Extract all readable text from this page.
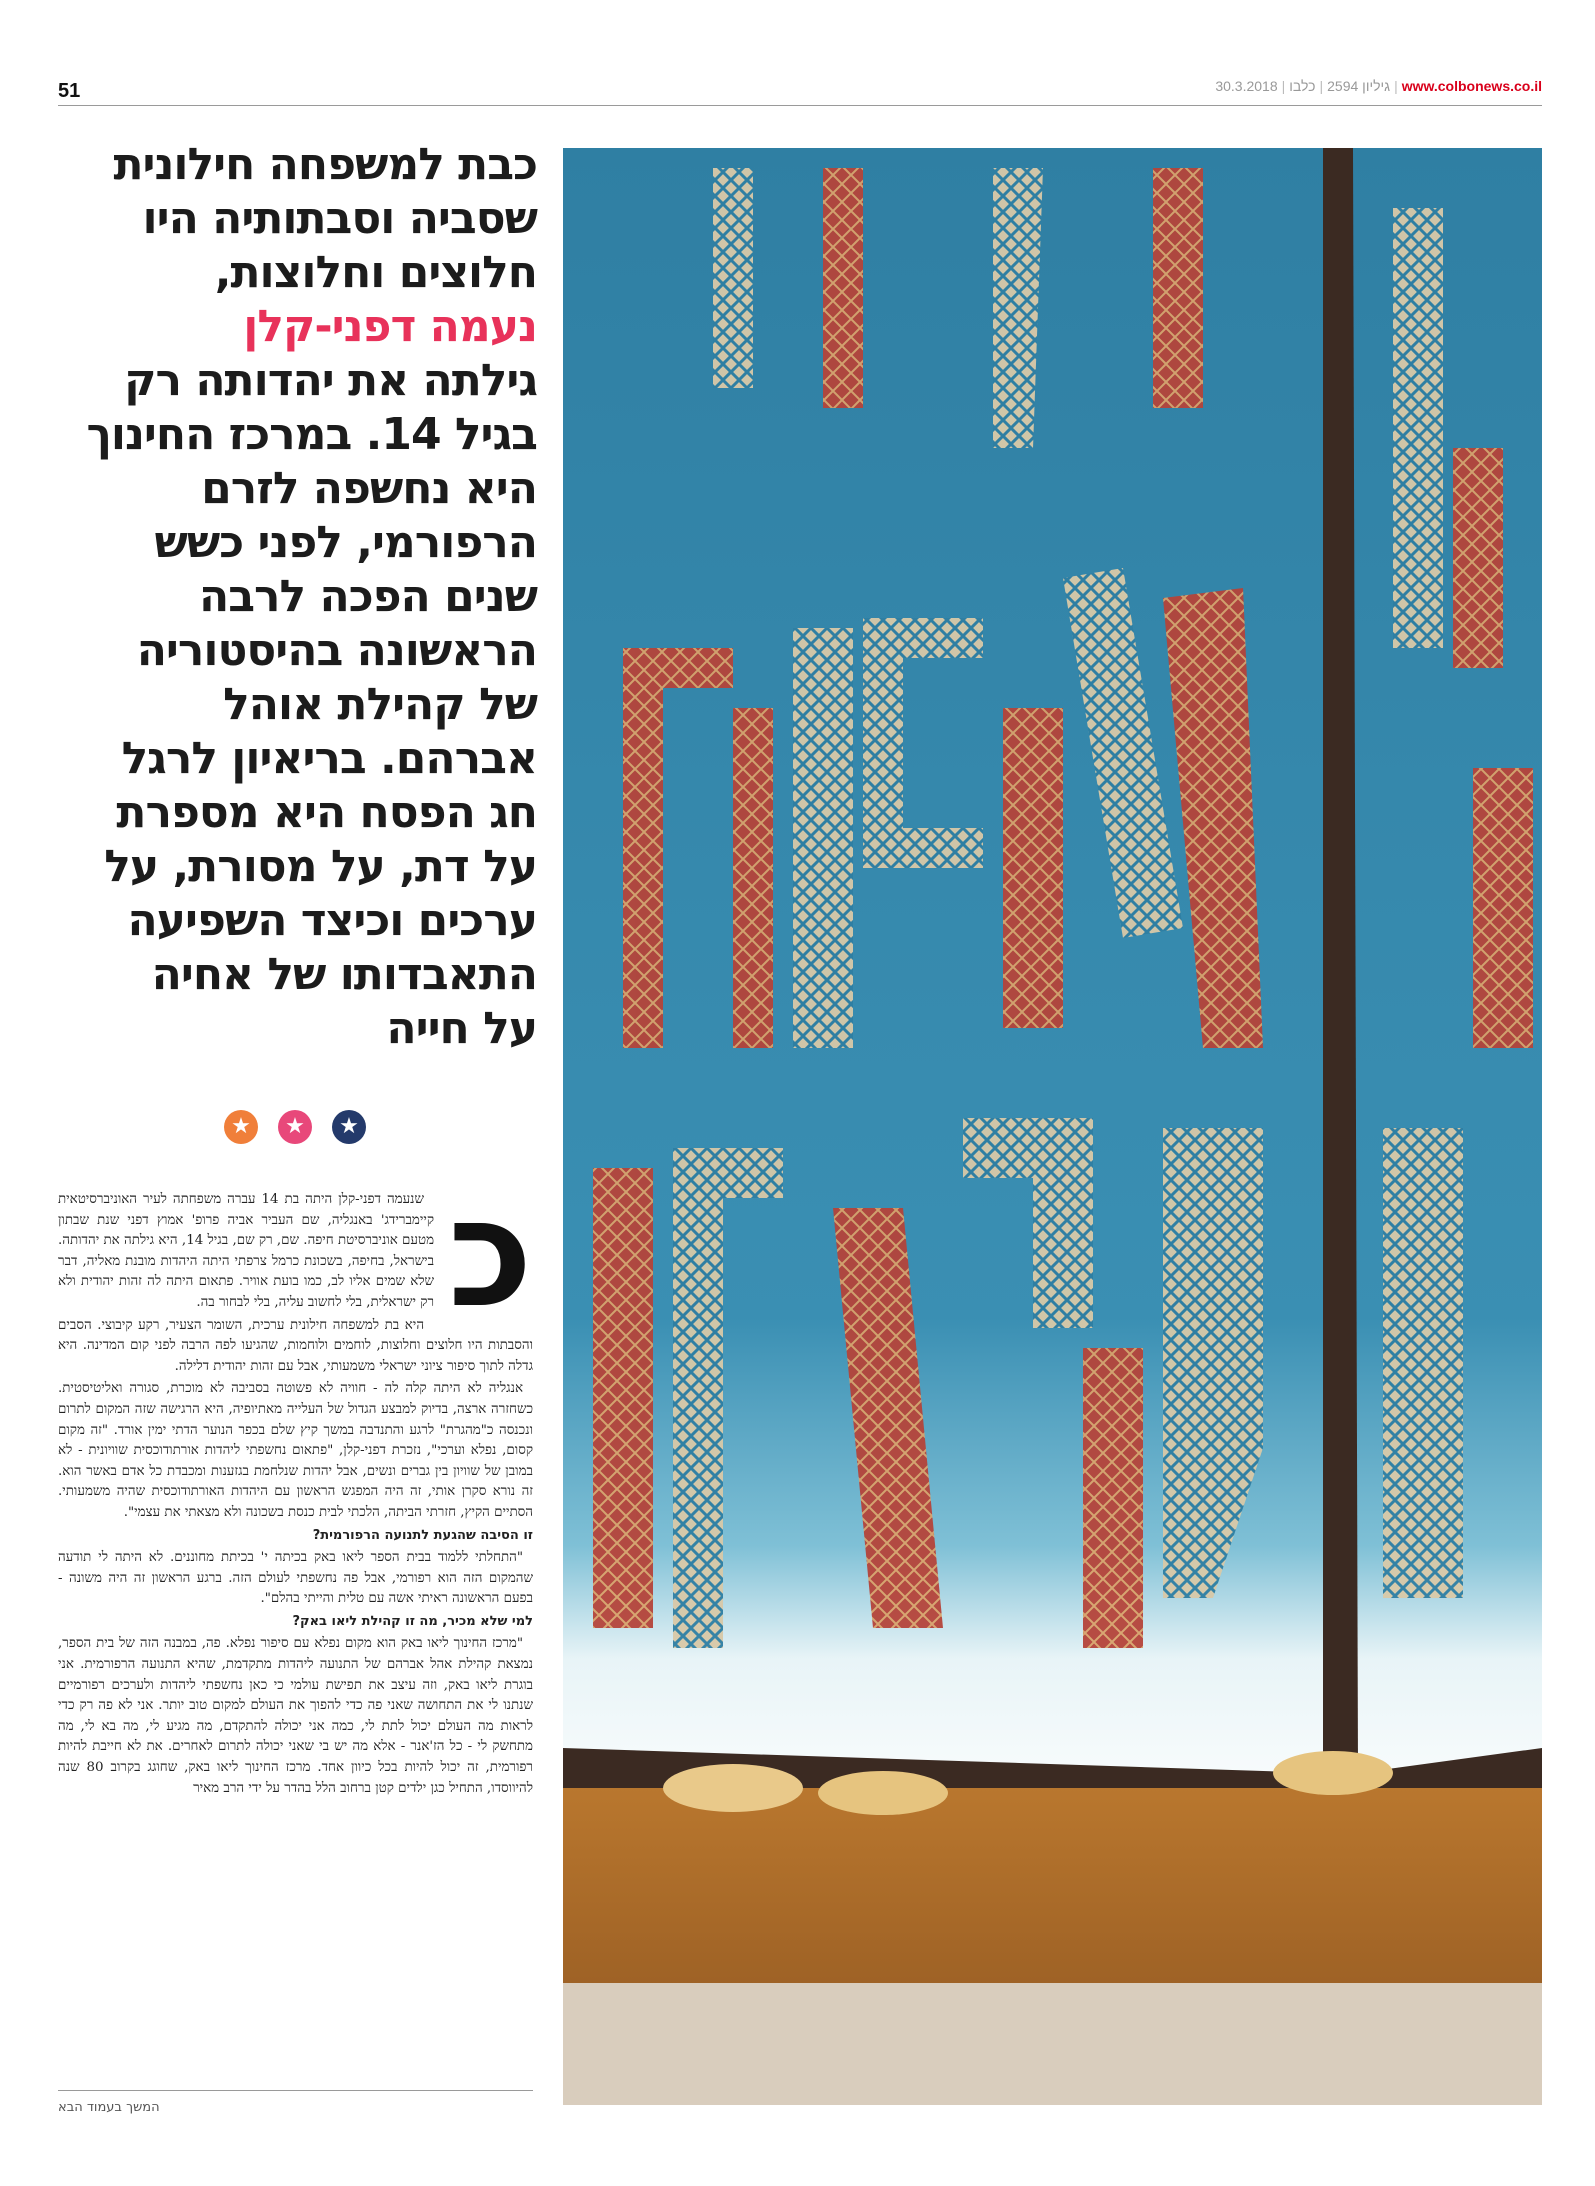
51	30.3.2018 |	גיליון 2594|כלבו	| www.colbonews.co.il
כבת למשפחה חילונית
שסביה וסבתותיה היו
חלוצים וחלוצות,
נעמה דפני-קלן
גילתה את יהדותה רק
בגיל 14. במרכז החינוך
היא נחשפה לזרם
הרפורמי, לפני כשש
שנים הפכה לרבה
הראשונה בהיסטוריה
של קהילת אוהל
אברהם. בריאיון לרגל
חג הפסח היא מספרת
על דת, על מסורת, על
ערכים וכיצד השפיעה
התאבדותו של אחיה
על חייה
★	★	★
כ

שנעמה דפני-קלן היתה בת 14 עברה משפחתה לעיר האוניברסיטאית קיימברידג' באנגליה, שם העביר אביה פרופ' אמוץ דפני שנת שבתון מטעם אוניברסיטת חיפה. שם, רק שם, בגיל 14, היא גילתה את יהדותה. בישראל, בחיפה, בשכונת כרמל צרפתי היתה היהדות מובנת מאליה, דבר שלא שמים אליו לב, כמו בועת אוויר. פתאום היתה לה זהות יהודית ולא רק ישראלית, בלי לחשוב עליה, בלי לבחור בה.

היא בת למשפחה חילונית ערכית, השומר הצעיר, רקע קיבוצי. הסבים והסבתות היו חלוצים וחלוצות, לוחמים ולוחמות, שהגיעו לפה הרבה לפני קום המדינה. היא גדלה לתוך סיפור ציוני ישראלי משמעותי, אבל עם זהות יהודית דלילה.

אנגליה לא היתה קלה לה - חוויה לא פשוטה בסביבה לא מוכרת, סגורה ואליטיסטית. כשחזרה ארצה, בדיוק למבצע הגדול של העלייה מאתיופיה, היא הרגישה שזה המקום לתרום ונכנסה כ"מהגרת" לרגע והתנדבה במשך קיץ שלם בכפר הנוער הדתי ימין אורד. "זה מקום קסום, נפלא וערכי", נזכרת דפני-קלן, "פתאום נחשפתי ליהדות אורתודוכסית שוויונית - לא במובן של שוויון בין גברים ונשים, אבל יהדות שנלחמת בגזענות ומכבדת כל אדם באשר הוא. זה נורא סקרן אותי, זה היה המפגש הראשון עם היהדות האורתודוכסית שהיה משמעותי. הסתיים הקיץ, חזרתי הביתה, הלכתי לבית כנסת בשכונה ולא מצאתי את עצמי".

זו הסיבה שהגעת לתנועה הרפורמית?

"התחלתי ללמוד בבית הספר ליאו באק בכיתה י' בכיתת מחוננים. לא היתה לי תודעה שהמקום הזה הוא רפורמי, אבל פה נחשפתי לעולם הזה. ברגע הראשון זה היה משונה - בפעם הראשונה ראיתי אשה עם טלית והייתי בהלם".

למי שלא מכיר, מה זו קהילת ליאו באק?

"מרכז החינוך ליאו באק הוא מקום נפלא עם סיפור נפלא. פה, במבנה הזה של בית הספר, נמצאת קהילת אהל אברהם של התנועה ליהדות מתקדמת, שהיא התנועה הרפורמית. אני בוגרת ליאו באק, וזה עיצב את תפישת עולמי כי כאן נחשפתי ליהדות ולערכים רפורמיים שנתנו לי את התחושה שאני פה כדי להפוך את העולם למקום טוב יותר. אני לא פה רק כדי לראות מה העולם יכול לתת לי, כמה אני יכולה להתקדם, מה מגיע לי, מה בא לי, מה מתחשק לי - כל הז'אנר - אלא מה יש בי שאני יכולה לתרום לאחרים. את לא חייבת להיות רפורמית, זה יכול להיות בכל כיוון אחד. מרכז החינוך ליאו באק, שחוגג בקרוב 80 שנה להיווסדו, התחיל כגן ילדים קטן ברחוב הלל בהדר על ידי הרב מאיר

המשך בעמוד הבא
